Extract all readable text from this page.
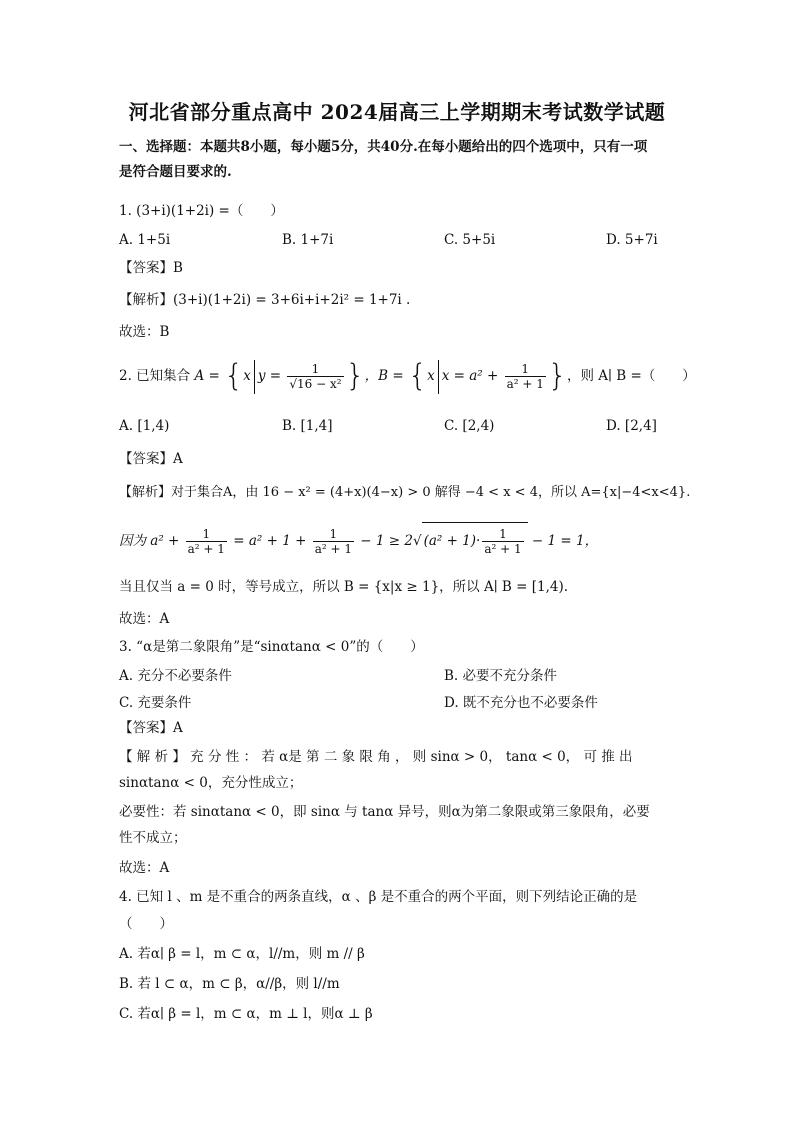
河北省部分重点高中 2024届高三上学期期末考试数学试题
一、选择题：本题共8小题，每小题5分，共40分.在每小题给出的四个选项中，只有一项
是符合题目要求的.
1. (3+i)(1+2i) =（　　）
A. 1+5i	B. 1+7i	C. 5+5i	D. 5+7i
【答案】B
【解析】(3+i)(1+2i) = 3+6i+i+2i² = 1+7i .
故选：B
2. 已知集合 A = {x $y = \frac{1}{\text{√16 − x²}}$ }，B = {x $x = a^2 + \frac{1}{\text{a² + 1}}$ }，则 A∣ B =（　　）
A. [1,4)	B. [1,4]	C. [2,4)	D. [2,4]
【答案】A
【解析】对于集合A，由 16 − x² = (4+x)(4−x) > 0 解得 −4 < x < 4，所以 A={x|−4<x<4}.
因为 $a^2 + \frac{1}{\text{a² + 1}} = a^2 + 1 + \frac{1}{\text{a² + 1}} - 1 \ge 2√$ $(a^2 + 1)\cdot \frac{1}{\text{a² + 1}} - 1 = 1$，
当且仅当 a = 0 时，等号成立，所以 B = {x|x ≥ 1}，所以 A∣ B = [1,4).
故选：A
3. “α是第二象限角”是“sinαtanα < 0”的（　　）
A. 充分不必要条件	B. 必要不充分条件
C. 充要条件	D. 既不充分也不必要条件
【答案】A
【 解 析 】 充 分 性 ： 若 α是 第 二 象 限 角 ， 则 sinα > 0， tanα < 0， 可 推 出
sinαtanα < 0，充分性成立；
必要性：若 sinαtanα < 0，即 sinα 与 tanα 异号，则α为第二象限或第三象限角，必要
性不成立；
故选：A
4. 已知 l 、m 是不重合的两条直线，α 、β 是不重合的两个平面，则下列结论正确的是
（　　）
A. 若α∣ β = l，m ⊂ α，l//m，则 m // β
B. 若 l ⊂ α，m ⊂ β，α//β，则 l//m
C. 若α∣ β = l，m ⊂ α，m ⊥ l，则α ⊥ β
